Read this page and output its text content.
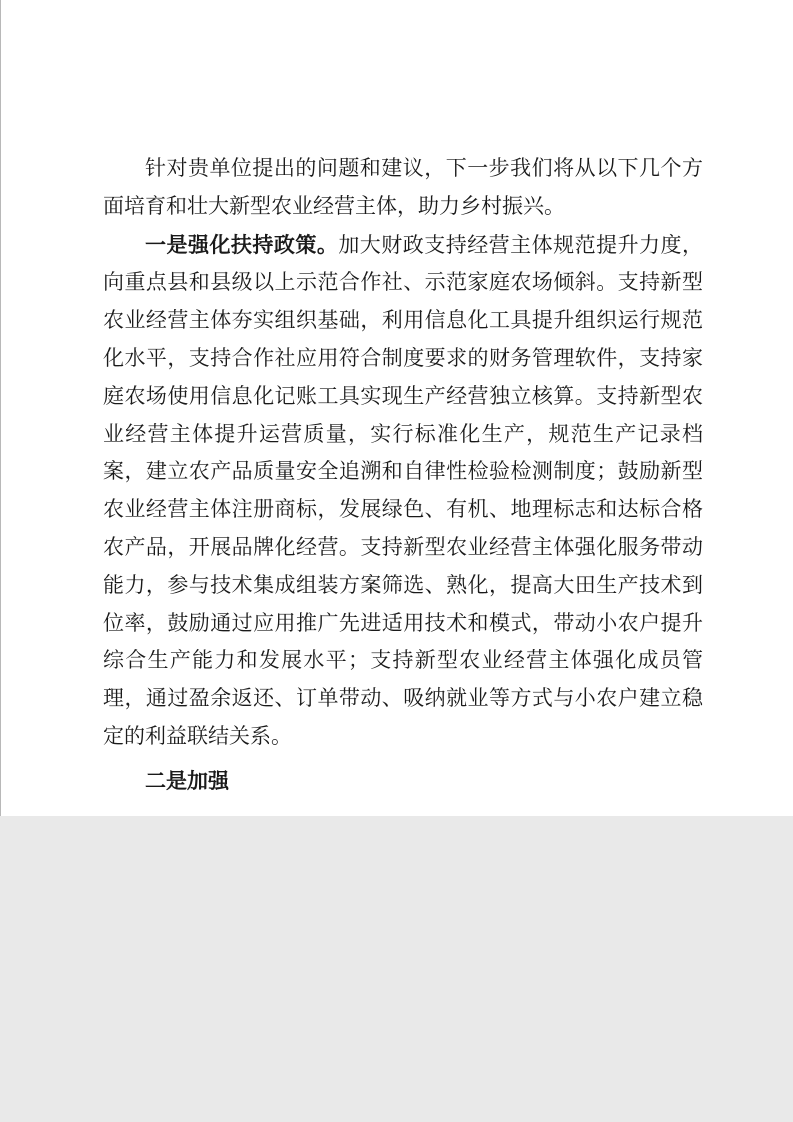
针对贵单位提出的问题和建议，下一步我们将从以下几个方面培育和壮大新型农业经营主体，助力乡村振兴。

一是强化扶持政策。加大财政支持经营主体规范提升力度，向重点县和县级以上示范合作社、示范家庭农场倾斜。支持新型农业经营主体夯实组织基础，利用信息化工具提升组织运行规范化水平，支持合作社应用符合制度要求的财务管理软件，支持家庭农场使用信息化记账工具实现生产经营独立核算。支持新型农业经营主体提升运营质量，实行标准化生产，规范生产记录档案，建立农产品质量安全追溯和自律性检验检测制度；鼓励新型农业经营主体注册商标，发展绿色、有机、地理标志和达标合格农产品，开展品牌化经营。支持新型农业经营主体强化服务带动能力，参与技术集成组装方案筛选、熟化，提高大田生产技术到位率，鼓励通过应用推广先进适用技术和模式，带动小农户提升综合生产能力和发展水平；支持新型农业经营主体强化成员管理，通过盈余返还、订单带动、吸纳就业等方式与小农户建立稳定的利益联结关系。

二是加强
